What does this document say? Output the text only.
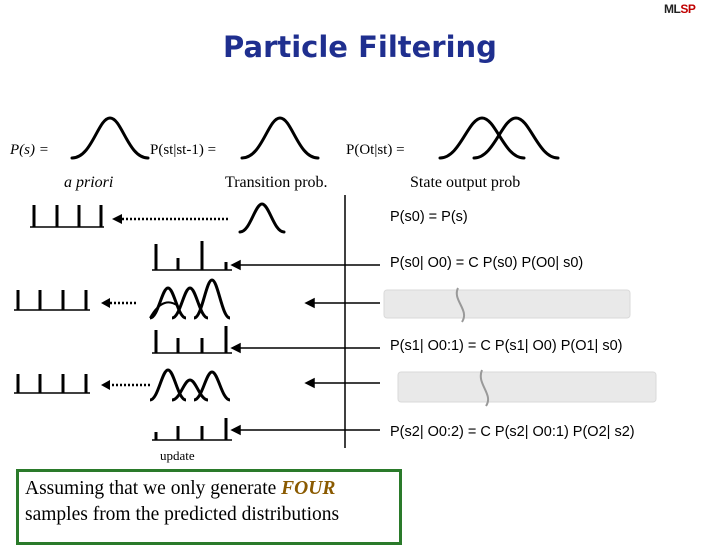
Particle Filtering
MLSP
P(s) =
a priori
P(st|st-1) =
Transition prob.
P(Ot|st) =
State output prob
P(s0) = P(s)
P(s0| O0) = C P(s0) P(O0| s0)
P(s1| O0:1) = C P(s1| O0) P(O1| s0)
P(s2| O0:2) = C P(s2| O0:1) P(O2| s2)
update
Assuming that we only generate FOUR samples from the predicted distributions
